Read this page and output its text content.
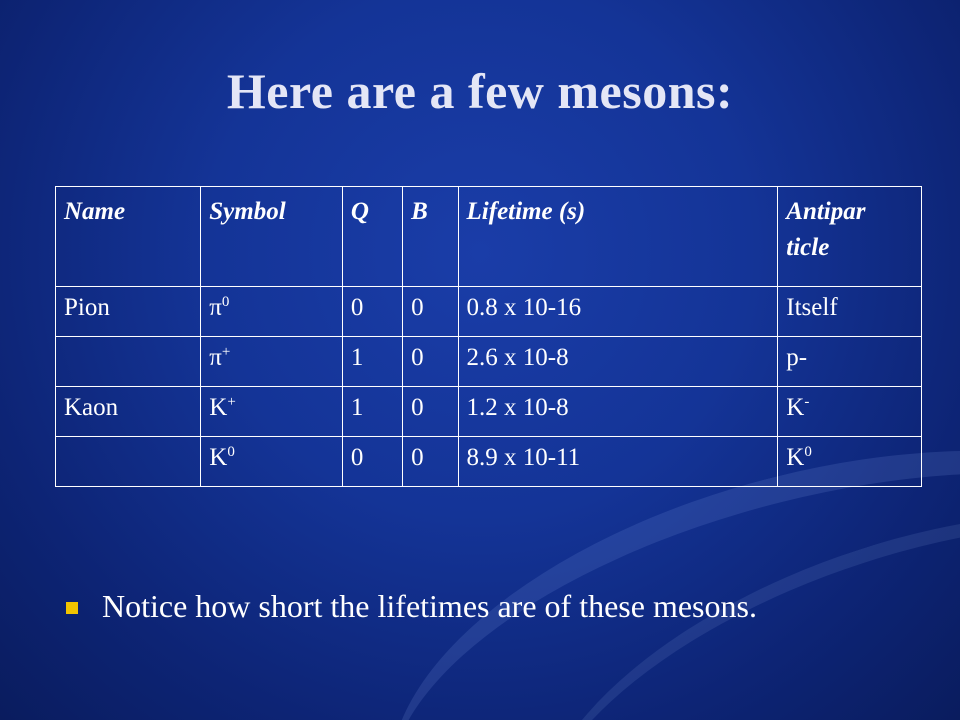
Here are a few mesons:
Name	Symbol	Q	B	Lifetime (s)	Antipar ticle
Pion	$\pi^0$	0	0	0.8 x 10-16	Itself
	π+	1	0	2.6 x 10-8	p-
Kaon	K+	1	0	1.2 x 10-8	K-
	$K^0$	0	0	8.9 x 10-11	$K^0$
Notice how short the lifetimes are of these mesons.
